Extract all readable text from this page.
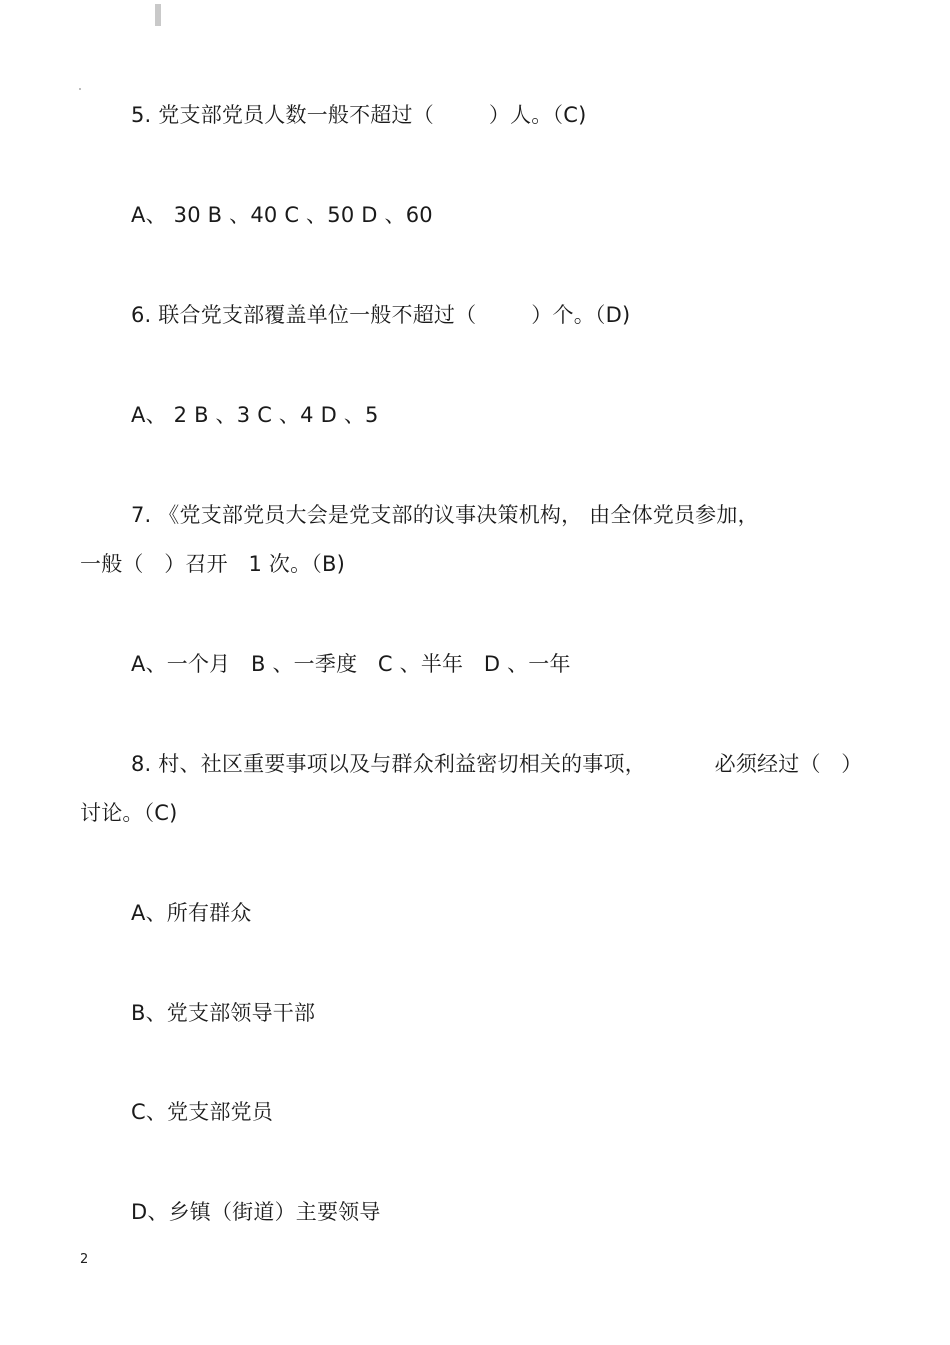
5. 党支部党员人数一般不超过（        ）人。（C)
A、 30 B 、40 C 、50 D 、60
6. 联合党支部覆盖单位一般不超过（        ）个。（D)
A、 2 B 、3 C 、4 D 、5
7. 《党支部党员大会是党支部的议事决策机构， 由全体党员参加，
一般（   ）召开   1 次。（B)
A、一个月   B 、一季度   C 、半年   D 、一年
8. 村、社区重要事项以及与群众利益密切相关的事项，          必须经过（   ）
讨论。（C)
A、所有群众
B、党支部领导干部
C、党支部党员
D、乡镇（街道）主要领导
2
